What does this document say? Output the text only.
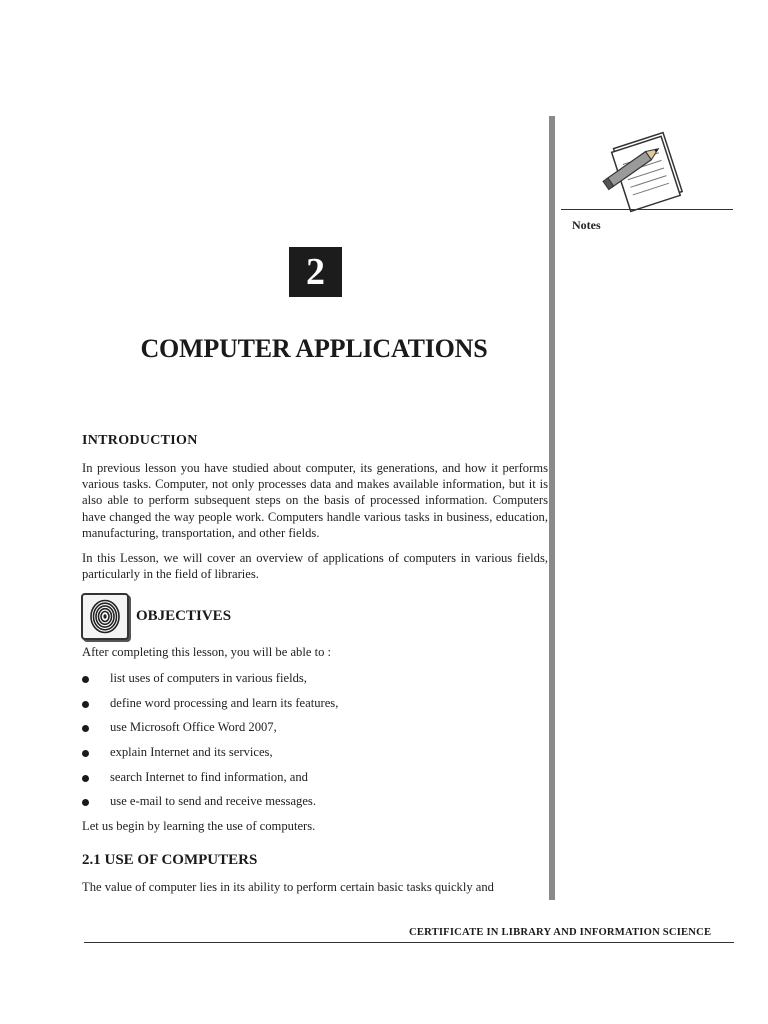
Notes
2
COMPUTER APPLICATIONS
INTRODUCTION
In previous lesson you have studied about computer, its generations, and how it performs various tasks. Computer, not only processes data and makes available information, but it is also able to perform subsequent steps on the basis of processed information. Computers have changed the way people work. Computers handle various tasks in business, education, manufacturing, transportation, and other fields.
In this Lesson, we will cover an overview of applications of computers in various fields, particularly in the field of libraries.
OBJECTIVES
After completing this lesson, you will be able to :
list uses of computers in various fields,
define word processing and learn its features,
use Microsoft Office Word 2007,
explain Internet and its services,
search Internet to find information, and
use e-mail to send and receive messages.
Let us begin by learning the use of computers.
2.1 USE OF COMPUTERS
The value of computer lies in its ability to perform certain basic tasks quickly and
CERTIFICATE IN LIBRARY AND INFORMATION SCIENCE
